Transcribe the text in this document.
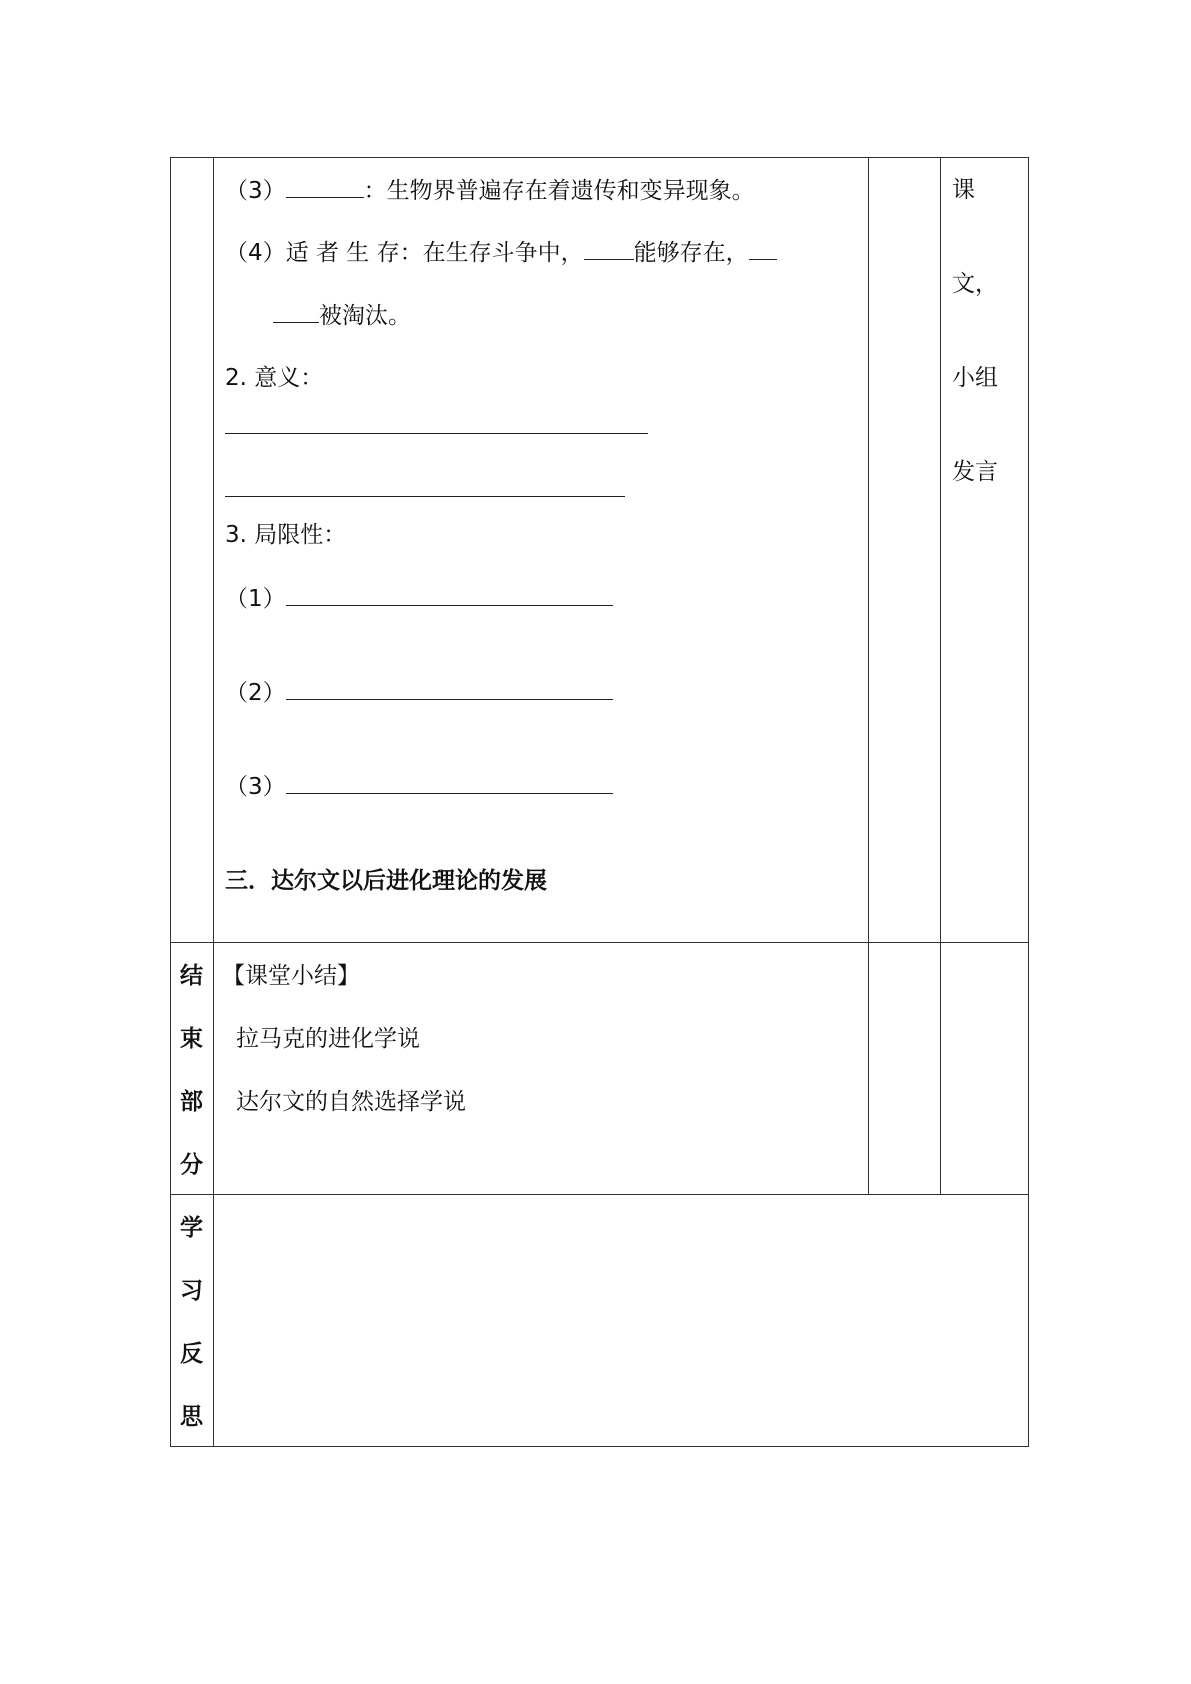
（3）	：生物界普遍存在着遗传和变异现象。
（4）适 者 生 存：在生存斗争中， 能够存在，
被淘汰。
2. 意义：
3. 局限性：
（1）
（2）
（3）
三．达尔文以后进化理论的发展
课
文，
小组
发言
结
束
部
分
【课堂小结】
拉马克的进化学说
达尔文的自然选择学说
学
习
反
思
